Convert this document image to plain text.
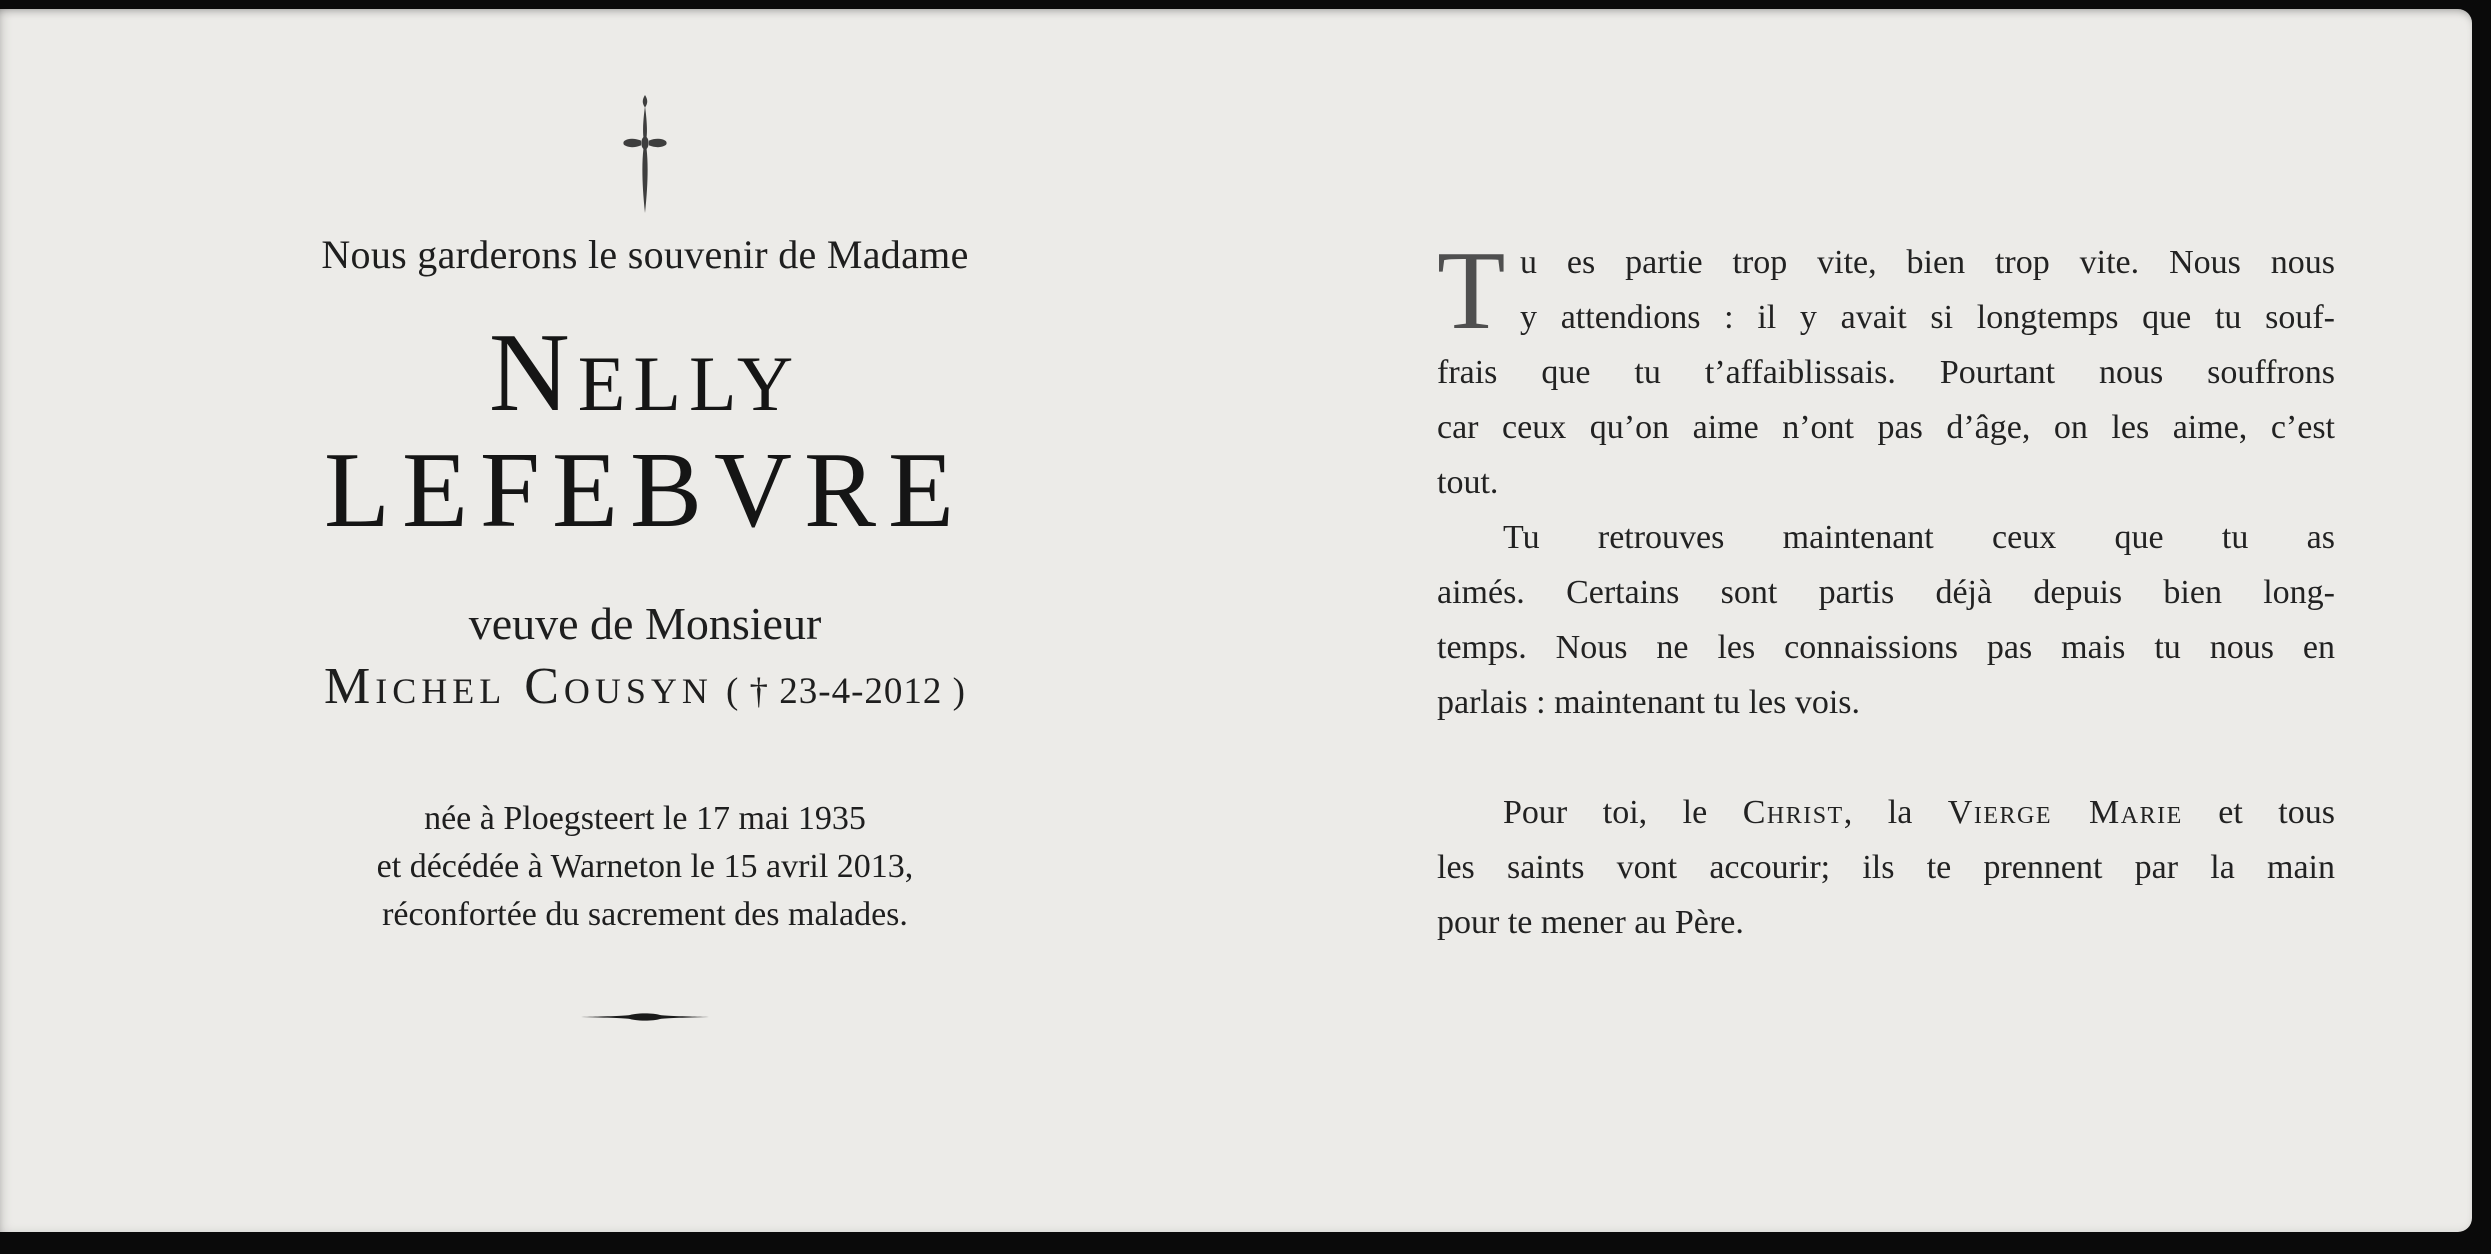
Nous garderons le souvenir de Madame
Nelly
LEFEBVRE
veuve de Monsieur
Michel Cousyn ( † 23-4-2012 )
née à Ploegsteert le 17 mai 1935
et décédée à Warneton le 15 avril 2013,
réconfortée du sacrement des malades.
T u es partie trop vite, bien trop vite. Nous nous
y attendions : il y avait si longtemps que tu souf-
frais que tu t’affaiblissais. Pourtant nous souffrons
car ceux qu’on aime n’ont pas d’âge, on les aime, c’est
tout.
Tu retrouves maintenant ceux que tu as
aimés. Certains sont partis déjà depuis bien long-
temps. Nous ne les connaissions pas mais tu nous en
parlais : maintenant tu les vois.
Pour toi, le Christ, la Vierge Marie et tous
les saints vont accourir; ils te prennent par la main
pour te mener au Père.
